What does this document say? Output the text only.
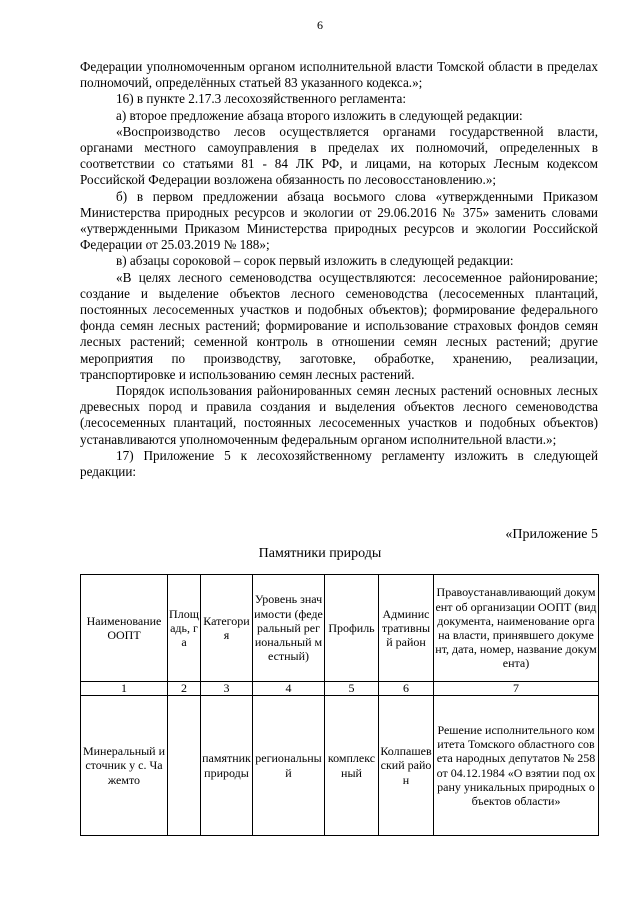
6

Федерации уполномоченным органом исполнительной власти Томской области в пределах полномочий, определённых статьей 83 указанного кодекса.»;

16) в пункте 2.17.3 лесохозяйственного регламента:

а) второе предложение абзаца второго изложить в следующей редакции:

«Воспроизводство лесов осуществляется органами государственной власти, органами местного самоуправления в пределах их полномочий, определенных в соответствии со статьями 81 - 84 ЛК РФ, и лицами, на которых Лесным кодексом Российской Федерации возложена обязанность по лесовосстановлению.»;

б) в первом предложении абзаца восьмого слова «утвержденными Приказом Министерства природных ресурсов и экологии от 29.06.2016 № 375» заменить словами «утвержденными Приказом Министерства природных ресурсов и экологии Российской Федерации от 25.03.2019 № 188»;

в) абзацы сороковой – сорок первый изложить в следующей редакции:

«В целях лесного семеноводства осуществляются: лесосеменное районирование; создание и выделение объектов лесного семеноводства (лесосеменных плантаций, постоянных лесосеменных участков и подобных объектов); формирование федерального фонда семян лесных растений; формирование и использование страховых фондов семян лесных растений; семенной контроль в отношении семян лесных растений; другие мероприятия по производству, заготовке, обработке, хранению, реализации, транспортировке и использованию семян лесных растений.

Порядок использования районированных семян лесных растений основных лесных древесных пород и правила создания и выделения объектов лесного семеноводства (лесосеменных плантаций, постоянных лесосеменных участков и подобных объектов) устанавливаются уполномоченным федеральным органом исполнительной власти.»;

17) Приложение 5 к лесохозяйственному регламенту изложить в следующей редакции:

«Приложение 5
Памятники природы
Наименование ООПТ	Площадь, га	Категория	Уровень значимости (федеральный региональный местный)	Профиль	Административный район	Правоустанавливающий документ об организации ООПТ (вид документа, наименование органа власти, принявшего документ, дата, номер, название документа)
1	2	3	4	5	6	7
Минеральный источник у с. Чажемто		памятник природы	региональный	комплексный	Колпашевский район	Решение исполнительного комитета Томского областного совета народных депутатов № 258 от 04.12.1984 «О взятии под охрану уникальных природных объектов области»
